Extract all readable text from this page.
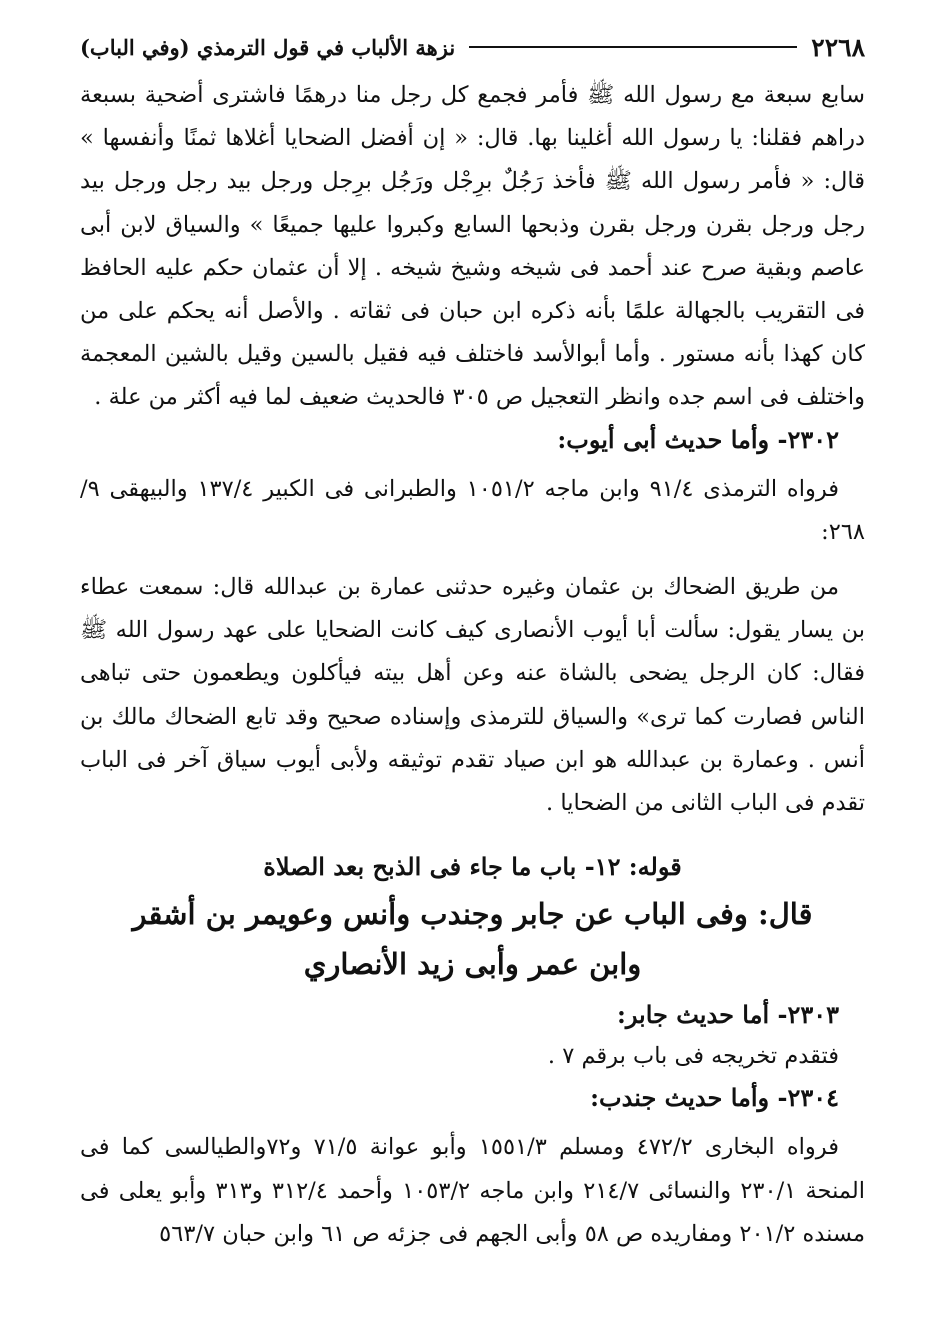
٢٢٦٨
نزهة الألباب في قول الترمذي (وفي الباب)

سابع سبعة مع رسول الله ﷺ فأمر فجمع كل رجل منا درهمًا فاشترى أضحية بسبعة دراهم فقلنا: يا رسول الله أغلينا بها. قال: « إن أفضل الضحايا أغلاها ثمنًا وأنفسها » قال: « فأمر رسول الله ﷺ فأخذ رَجُلٌ برِجْل ورَجُل برِجل ورجل بيد رجل ورجل بيد رجل ورجل بقرن ورجل بقرن وذبحها السابع وكبروا عليها جميعًا » والسياق لابن أبى عاصم وبقية صرح عند أحمد فى شيخه وشيخ شيخه . إلا أن عثمان حكم عليه الحافظ فى التقريب بالجهالة علمًا بأنه ذكره ابن حبان فى ثقاته . والأصل أنه يحكم على من كان كهذا بأنه مستور . وأما أبوالأسد فاختلف فيه فقيل بالسين وقيل بالشين المعجمة واختلف فى اسم جده وانظر التعجيل ص ٣٠٥ فالحديث ضعيف لما فيه أكثر من علة .

٢٣٠٢- وأما حديث أبى أيوب:

فرواه الترمذى ٩١/٤ وابن ماجه ١٠٥١/٢ والطبرانى فى الكبير ١٣٧/٤ والبيهقى ٩/ ٢٦٨:

من طريق الضحاك بن عثمان وغيره حدثنى عمارة بن عبدالله قال: سمعت عطاء بن يسار يقول: سألت أبا أيوب الأنصارى كيف كانت الضحايا على عهد رسول الله ﷺ فقال: كان الرجل يضحى بالشاة عنه وعن أهل بيته فيأكلون ويطعمون حتى تباهى الناس فصارت كما ترى» والسياق للترمذى وإسناده صحيح وقد تابع الضحاك مالك بن أنس . وعمارة بن عبدالله هو ابن صياد تقدم توثيقه ولأبى أيوب سياق آخر فى الباب تقدم فى الباب الثانى من الضحايا .

قوله: ١٢- باب ما جاء فى الذبح بعد الصلاة
قال: وفى الباب عن جابر وجندب وأنس وعويمر بن أشقر
وابن عمر وأبى زيد الأنصاري
٢٣٠٣- أما حديث جابر:

فتقدم تخريجه فى باب برقم ٧ .

٢٣٠٤- وأما حديث جندب:

فرواه البخارى ٤٧٢/٢ ومسلم ١٥٥١/٣ وأبو عوانة ٧١/٥ و٧٢والطيالسى كما فى المنحة ٢٣٠/١ والنسائى ٢١٤/٧ وابن ماجه ١٠٥٣/٢ وأحمد ٣١٢/٤ و٣١٣ وأبو يعلى فى مسنده ٢٠١/٢ ومفاريده ص ٥٨ وأبى الجهم فى جزئه ص ٦١ وابن حبان ٥٦٣/٧
